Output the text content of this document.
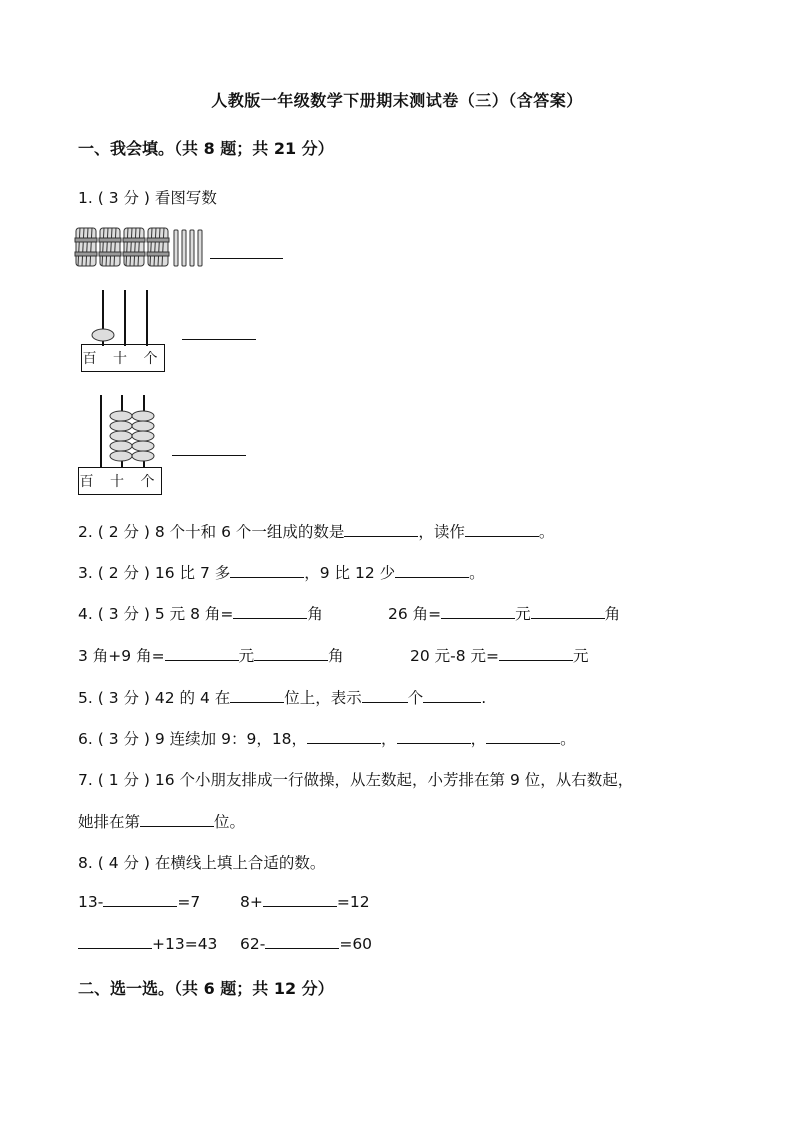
人教版一年级数学下册期末测试卷（三）（含答案）
一、我会填。（共 8 题；共 21 分）
1. ( 3 分 ) 看图写数
百 十 个
百 十 个
2. ( 2 分 ) 8 个十和 6 个一组成的数是	，读作	。
3. ( 2 分 ) 16 比 7 多	，9 比 12 少	。
4. ( 3 分 ) 5 元 8 角=	角	26 角=	元	角
3 角+9 角=	元	角	20 元-8 元=	元
5. ( 3 分 ) 42 的 4 在	位上，表示	个	.
6. ( 3 分 ) 9 连续加 9：9，18，	，	，	。
7. ( 1 分 ) 16 个小朋友排成一行做操，从左数起，小芳排在第 9 位，从右数起，
她排在第	位。
8. ( 4 分 ) 在横线上填上合适的数。
13-	=7	8+	=12
+13=43 62-	=60
二、选一选。（共 6 题；共 12 分）
